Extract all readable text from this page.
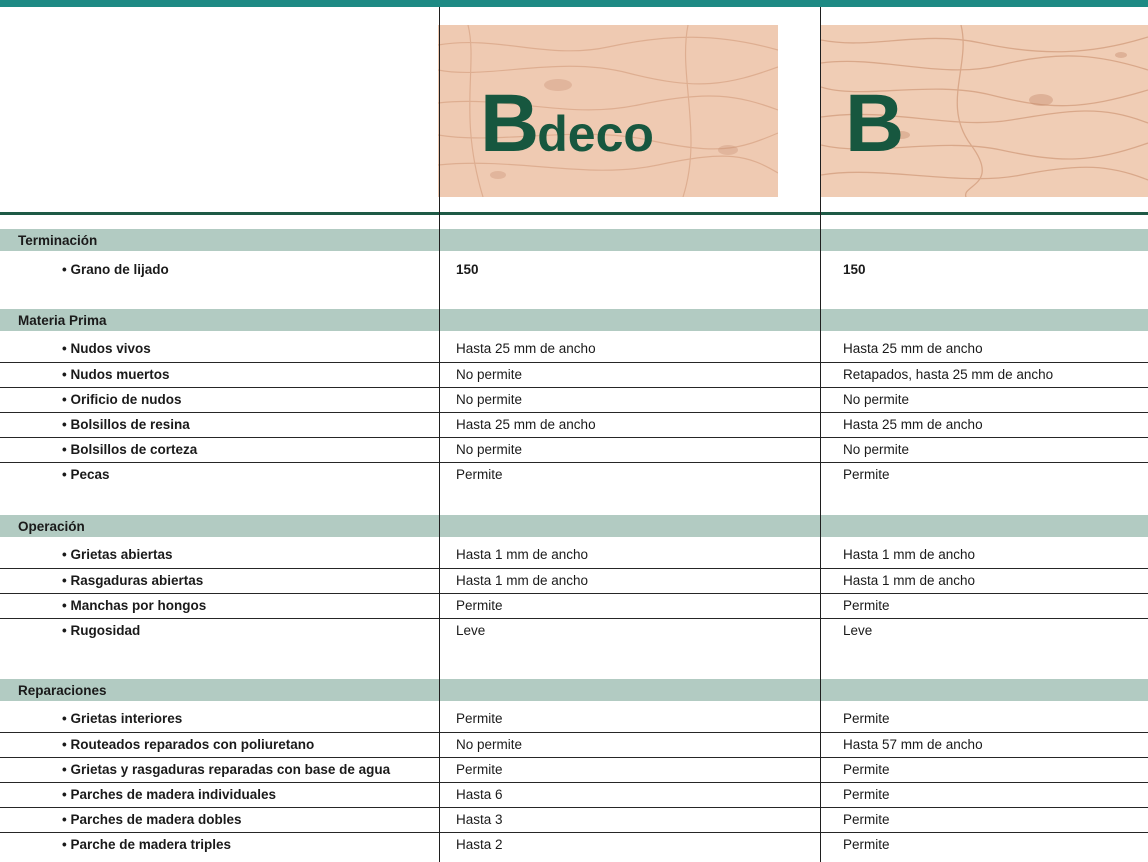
Bdeco B
Terminación
• Grano de lijado	150	150
Materia Prima
• Nudos vivos	Hasta 25 mm de ancho	Hasta 25 mm de ancho
• Nudos muertos	No permite	Retapados, hasta 25 mm de ancho
• Orificio de nudos	No permite	No permite
• Bolsillos de resina	Hasta 25 mm de ancho	Hasta 25 mm de ancho
• Bolsillos de corteza	No permite	No permite
• Pecas	Permite	Permite
Operación
• Grietas abiertas	Hasta 1 mm de ancho	Hasta 1 mm de ancho
• Rasgaduras abiertas	Hasta 1 mm de ancho	Hasta 1 mm de ancho
• Manchas por hongos	Permite	Permite
• Rugosidad	Leve	Leve
Reparaciones
• Grietas interiores	Permite	Permite
• Routeados reparados con poliuretano	No permite	Hasta 57 mm de ancho
• Grietas y rasgaduras reparadas con base de agua	Permite	Permite
• Parches de madera individuales	Hasta 6	Permite
• Parches de madera dobles	Hasta 3	Permite
• Parche de madera triples	Hasta 2	Permite
